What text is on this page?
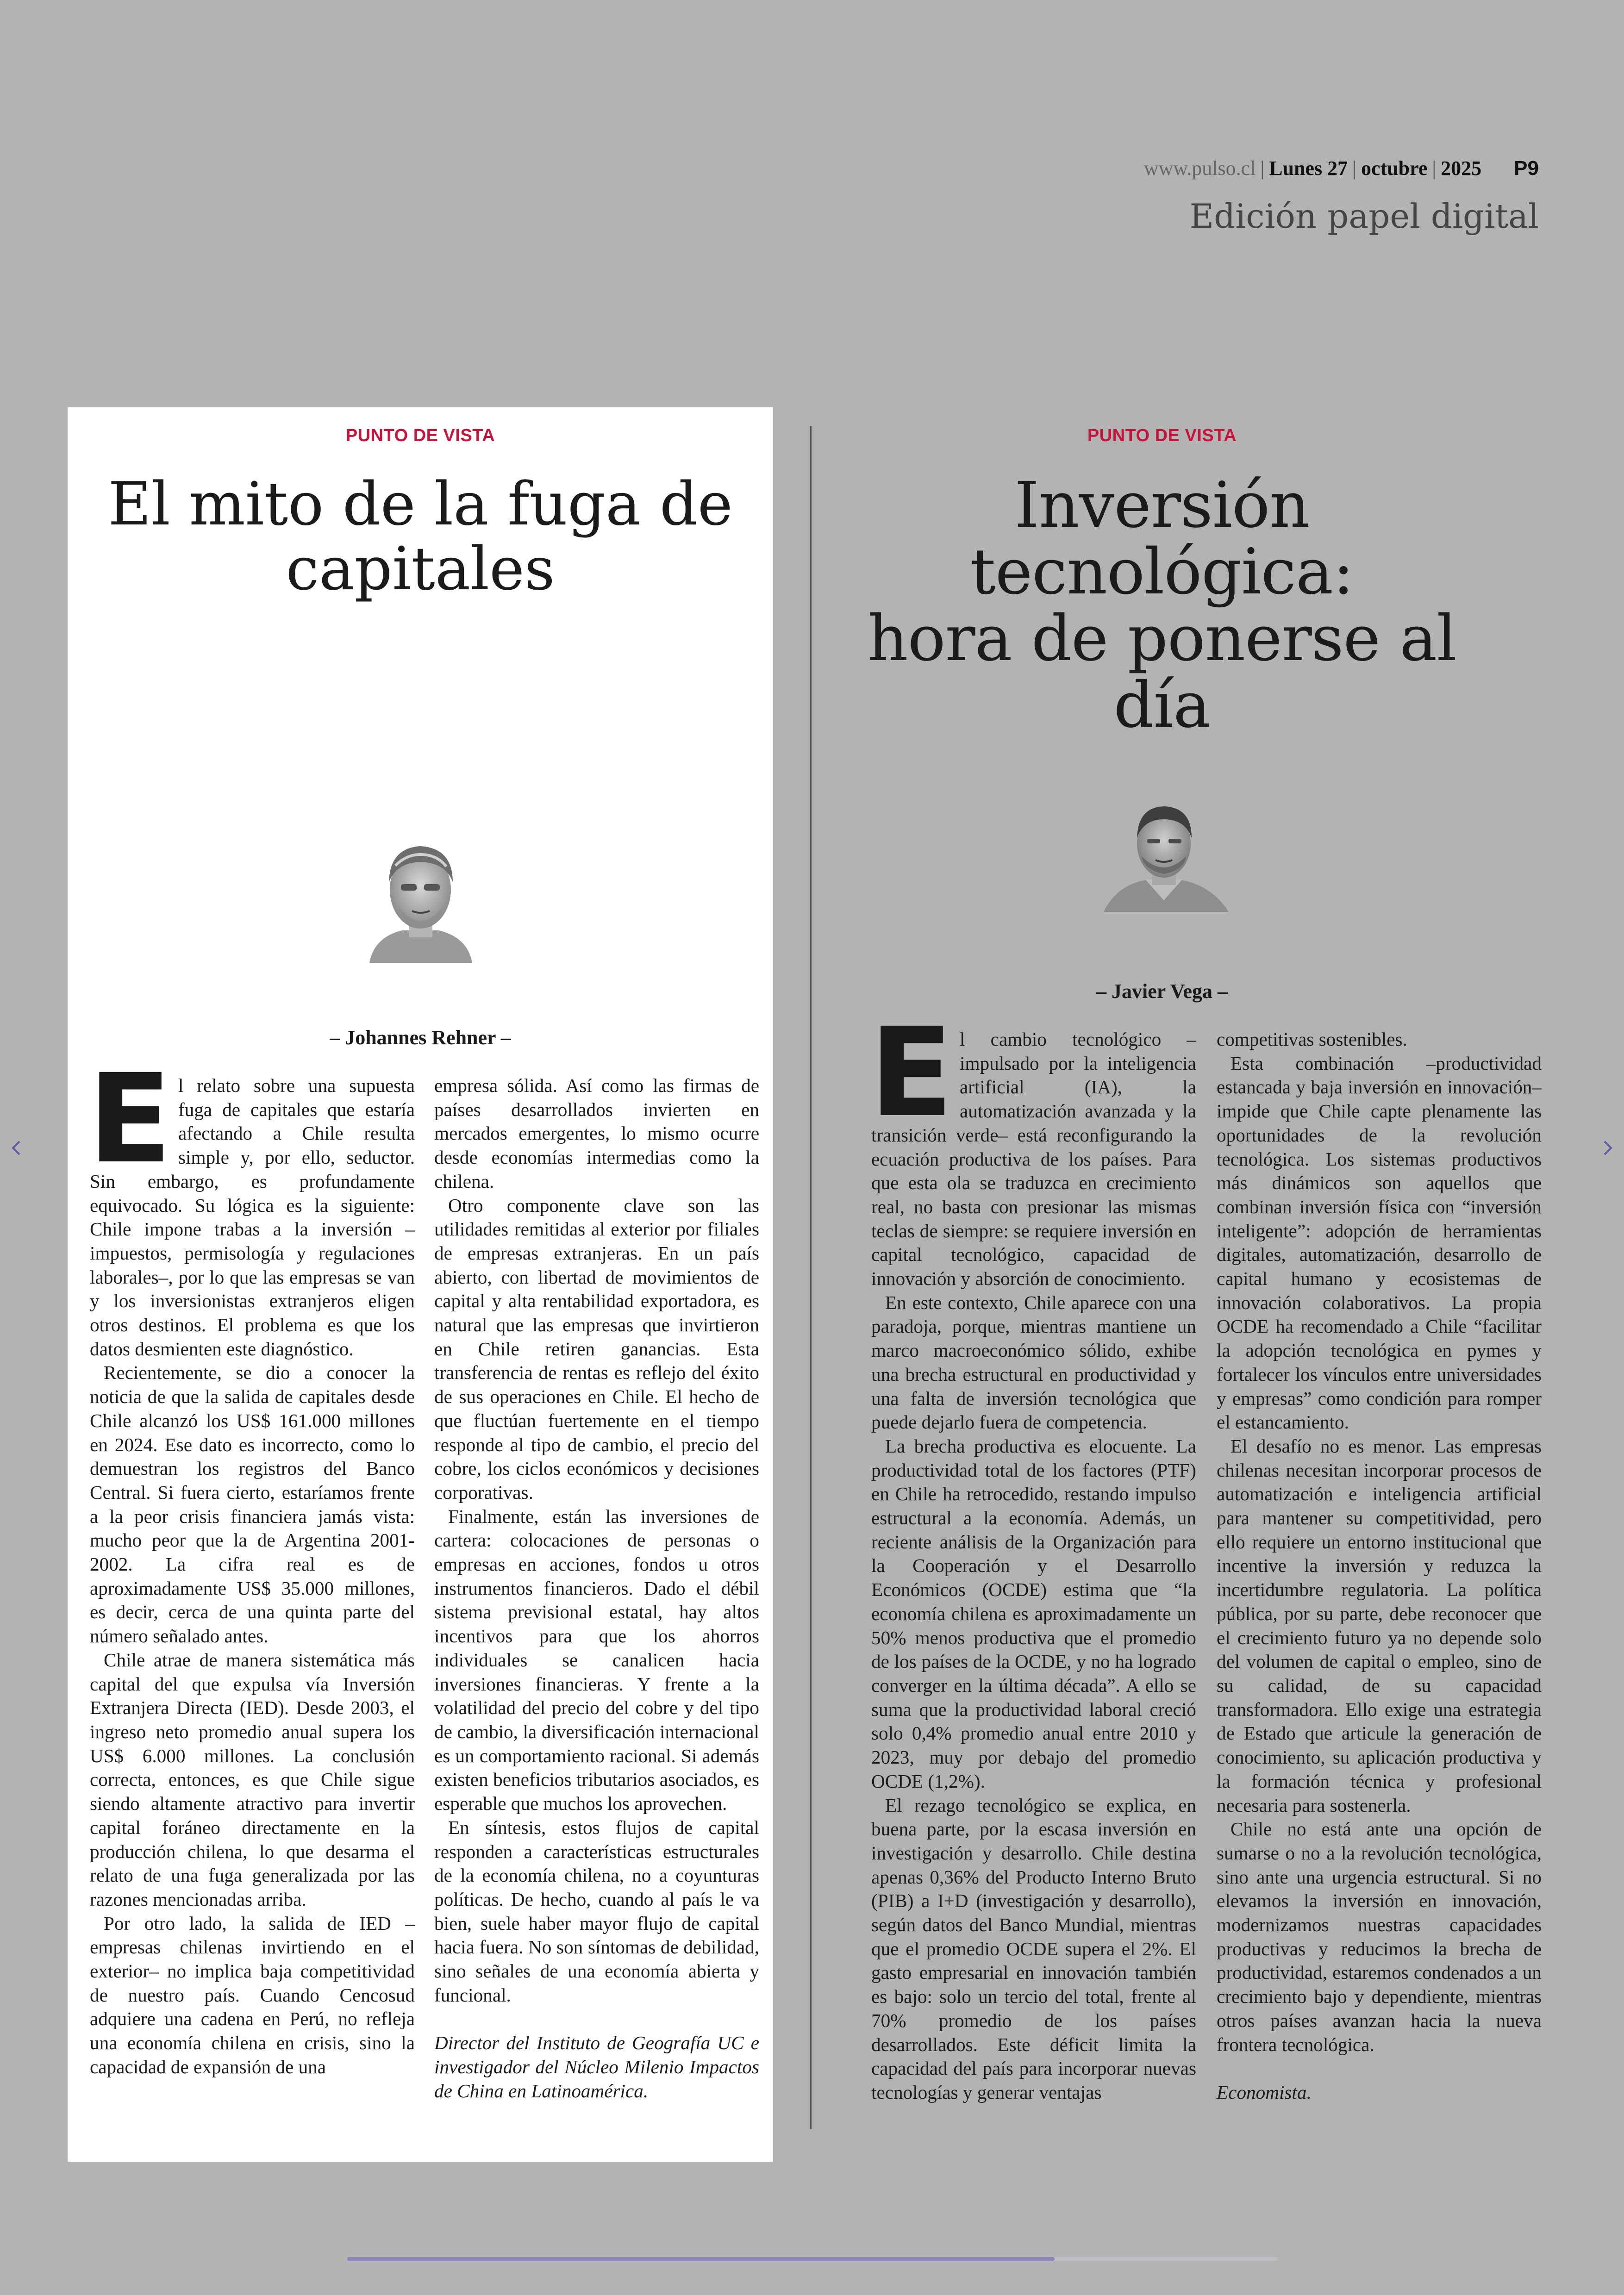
www.pulso.cl | Lunes 27 | octubre | 2025 P9
Edición papel digital
PUNTO DE VISTA
El mito de la fuga de
capitales
– Johannes Rehner –

El relato sobre una supuesta fuga de capitales que estaría afectando a Chile resulta simple y, por ello, seductor. Sin embargo, es profundamente equivocado. Su lógica es la siguiente: Chile impone trabas a la inversión –impuestos, permisología y regulaciones laborales–, por lo que las empresas se van y los inversionistas extranjeros eligen otros destinos. El problema es que los datos desmienten este diagnóstico.

Recientemente, se dio a conocer la noticia de que la salida de capitales desde Chile alcanzó los US$ 161.000 millones en 2024. Ese dato es incorrecto, como lo demuestran los registros del Banco Central. Si fuera cierto, estaríamos frente a la peor crisis financiera jamás vista: mucho peor que la de Argentina 2001-2002. La cifra real es de aproximadamente US$ 35.000 millones, es decir, cerca de una quinta parte del número señalado antes.

Chile atrae de manera sistemática más capital del que expulsa vía Inversión Extranjera Directa (IED). Desde 2003, el ingreso neto promedio anual supera los US$ 6.000 millones. La conclusión correcta, entonces, es que Chile sigue siendo altamente atractivo para invertir capital foráneo directamente en la producción chilena, lo que desarma el relato de una fuga generalizada por las razones mencionadas arriba.

Por otro lado, la salida de IED –empresas chilenas invirtiendo en el exterior– no implica baja competitividad de nuestro país. Cuando Cencosud adquiere una cadena en Perú, no refleja una economía chilena en crisis, sino la capacidad de expansión de una

empresa sólida. Así como las firmas de países desarrollados invierten en mercados emergentes, lo mismo ocurre desde economías intermedias como la chilena.

Otro componente clave son las utilidades remitidas al exterior por filiales de empresas extranjeras. En un país abierto, con libertad de movimientos de capital y alta rentabilidad exportadora, es natural que las empresas que invirtieron en Chile retiren ganancias. Esta transferencia de rentas es reflejo del éxito de sus operaciones en Chile. El hecho de que fluctúan fuertemente en el tiempo responde al tipo de cambio, el precio del cobre, los ciclos económicos y decisiones corporativas.

Finalmente, están las inversiones de cartera: colocaciones de personas o empresas en acciones, fondos u otros instrumentos financieros. Dado el débil sistema previsional estatal, hay altos incentivos para que los ahorros individuales se canalicen hacia inversiones financieras. Y frente a la volatilidad del precio del cobre y del tipo de cambio, la diversificación internacional es un comportamiento racional. Si además existen beneficios tributarios asociados, es esperable que muchos los aprovechen.

En síntesis, estos flujos de capital responden a características estructurales de la economía chilena, no a coyunturas políticas. De hecho, cuando al país le va bien, suele haber mayor flujo de capital hacia fuera. No son síntomas de debilidad, sino señales de una economía abierta y funcional.

Director del Instituto de Geografía UC e investigador del Núcleo Milenio Impactos de China en Latinoamérica.

PUNTO DE VISTA
Inversión tecnológica:
hora de ponerse al día
– Javier Vega –

El cambio tecnológico –impulsado por la inteligencia artificial (IA), la automatización avanzada y la transición verde– está reconfigurando la ecuación productiva de los países. Para que esta ola se traduzca en crecimiento real, no basta con presionar las mismas teclas de siempre: se requiere inversión en capital tecnológico, capacidad de innovación y absorción de conocimiento.

En este contexto, Chile aparece con una paradoja, porque, mientras mantiene un marco macroeconómico sólido, exhibe una brecha estructural en productividad y una falta de inversión tecnológica que puede dejarlo fuera de competencia.

La brecha productiva es elocuente. La productividad total de los factores (PTF) en Chile ha retrocedido, restando impulso estructural a la economía. Además, un reciente análisis de la Organización para la Cooperación y el Desarrollo Económicos (OCDE) estima que “la economía chilena es aproximadamente un 50% menos productiva que el promedio de los países de la OCDE, y no ha logrado converger en la última década”. A ello se suma que la productividad laboral creció solo 0,4% promedio anual entre 2010 y 2023, muy por debajo del promedio OCDE (1,2%).

El rezago tecnológico se explica, en buena parte, por la escasa inversión en investigación y desarrollo. Chile destina apenas 0,36% del Producto Interno Bruto (PIB) a I+D (investigación y desarrollo), según datos del Banco Mundial, mientras que el promedio OCDE supera el 2%. El gasto empresarial en innovación también es bajo: solo un tercio del total, frente al 70% promedio de los países desarrollados. Este déficit limita la capacidad del país para incorporar nuevas tecnologías y generar ventajas

competitivas sostenibles.

Esta combinación –productividad estancada y baja inversión en innovación– impide que Chile capte plenamente las oportunidades de la revolución tecnológica. Los sistemas productivos más dinámicos son aquellos que combinan inversión física con “inversión inteligente”: adopción de herramientas digitales, automatización, desarrollo de capital humano y ecosistemas de innovación colaborativos. La propia OCDE ha recomendado a Chile “facilitar la adopción tecnológica en pymes y fortalecer los vínculos entre universidades y empresas” como condición para romper el estancamiento.

El desafío no es menor. Las empresas chilenas necesitan incorporar procesos de automatización e inteligencia artificial para mantener su competitividad, pero ello requiere un entorno institucional que incentive la inversión y reduzca la incertidumbre regulatoria. La política pública, por su parte, debe reconocer que el crecimiento futuro ya no depende solo del volumen de capital o empleo, sino de su calidad, de su capacidad transformadora. Ello exige una estrategia de Estado que articule la generación de conocimiento, su aplicación productiva y la formación técnica y profesional necesaria para sostenerla.

Chile no está ante una opción de sumarse o no a la revolución tecnológica, sino ante una urgencia estructural. Si no elevamos la inversión en innovación, modernizamos nuestras capacidades productivas y reducimos la brecha de productividad, estaremos condenados a un crecimiento bajo y dependiente, mientras otros países avanzan hacia la nueva frontera tecnológica.

Economista.
